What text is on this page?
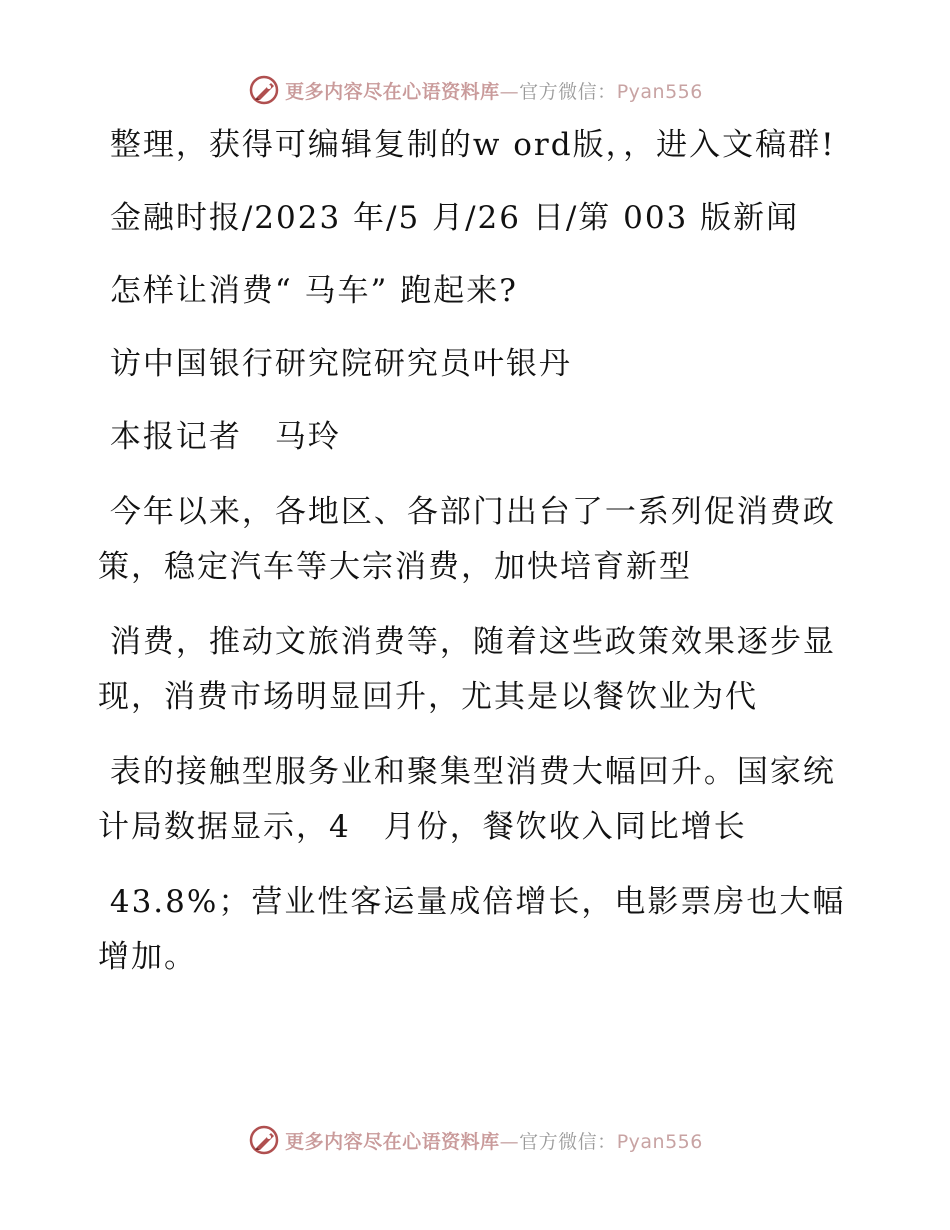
更多内容尽在心语资料库—官方微信：Pyan556

整理，获得可编辑复制的w ord版，，进入文稿群!

金融时报/2023 年/5 月/26 日/第 003 版新闻

怎样让消费“ 马车” 跑起来?

访中国银行研究院研究员叶银丹

本报记者　马玲

今年以来，各地区、各部门出台了一系列促消费政策，稳定汽车等大宗消费，加快培育新型

消费，推动文旅消费等，随着这些政策效果逐步显现，消费市场明显回升，尤其是以餐饮业为代

表的接触型服务业和聚集型消费大幅回升。国家统计局数据显示，4　月份，餐饮收入同比增长

43.8%；营业性客运量成倍增长，电影票房也大幅增加。

更多内容尽在心语资料库—官方微信：Pyan556
